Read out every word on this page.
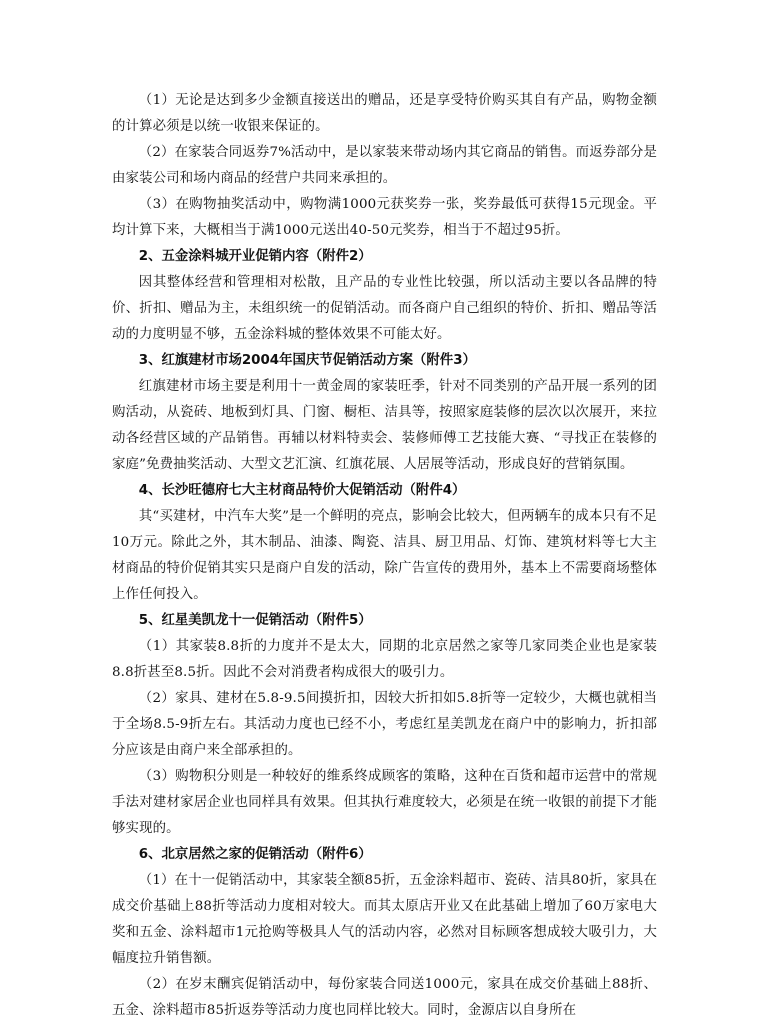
（1）无论是达到多少金额直接送出的赠品，还是享受特价购买其自有产品，购物金额的计算必须是以统一收银来保证的。

（2）在家装合同返券7%活动中，是以家装来带动场内其它商品的销售。而返券部分是由家装公司和场内商品的经营户共同来承担的。

（3）在购物抽奖活动中，购物满1000元获奖券一张，奖券最低可获得15元现金。平均计算下来，大概相当于满1000元送出40-50元奖券，相当于不超过95折。

2、五金涂料城开业促销内容（附件2）

因其整体经营和管理相对松散，且产品的专业性比较强，所以活动主要以各品牌的特价、折扣、赠品为主，未组织统一的促销活动。而各商户自己组织的特价、折扣、赠品等活动的力度明显不够，五金涂料城的整体效果不可能太好。

3、红旗建材市场2004年国庆节促销活动方案（附件3）

红旗建材市场主要是利用十一黄金周的家装旺季，针对不同类别的产品开展一系列的团购活动，从瓷砖、地板到灯具、门窗、橱柜、洁具等，按照家庭装修的层次以次展开，来拉动各经营区域的产品销售。再辅以材料特卖会、装修师傅工艺技能大赛、“寻找正在装修的家庭”免费抽奖活动、大型文艺汇演、红旗花展、人居展等活动，形成良好的营销氛围。

4、长沙旺德府七大主材商品特价大促销活动（附件4）

其“买建材，中汽车大奖”是一个鲜明的亮点，影响会比较大，但两辆车的成本只有不足10万元。除此之外，其木制品、油漆、陶瓷、洁具、厨卫用品、灯饰、建筑材料等七大主材商品的特价促销其实只是商户自发的活动，除广告宣传的费用外，基本上不需要商场整体上作任何投入。

5、红星美凯龙十一促销活动（附件5）

（1）其家装8.8折的力度并不是太大，同期的北京居然之家等几家同类企业也是家装8.8折甚至8.5折。因此不会对消费者构成很大的吸引力。

（2）家具、建材在5.8-9.5间摸折扣，因较大折扣如5.8折等一定较少，大概也就相当于全场8.5-9折左右。其活动力度也已经不小，考虑红星美凯龙在商户中的影响力，折扣部分应该是由商户来全部承担的。

（3）购物积分则是一种较好的维系终成顾客的策略，这种在百货和超市运营中的常规手法对建材家居企业也同样具有效果。但其执行难度较大，必须是在统一收银的前提下才能够实现的。

6、北京居然之家的促销活动（附件6）

（1）在十一促销活动中，其家装全额85折，五金涂料超市、瓷砖、洁具80折，家具在成交价基础上88折等活动力度相对较大。而其太原店开业又在此基础上增加了60万家电大奖和五金、涂料超市1元抢购等极具人气的活动内容，必然对目标顾客想成较大吸引力，大幅度拉升销售额。

（2）在岁末酬宾促销活动中，每份家装合同送1000元，家具在成交价基础上88折、五金、涂料超市85折返券等活动力度也同样比较大。同时，金源店以自身所在
